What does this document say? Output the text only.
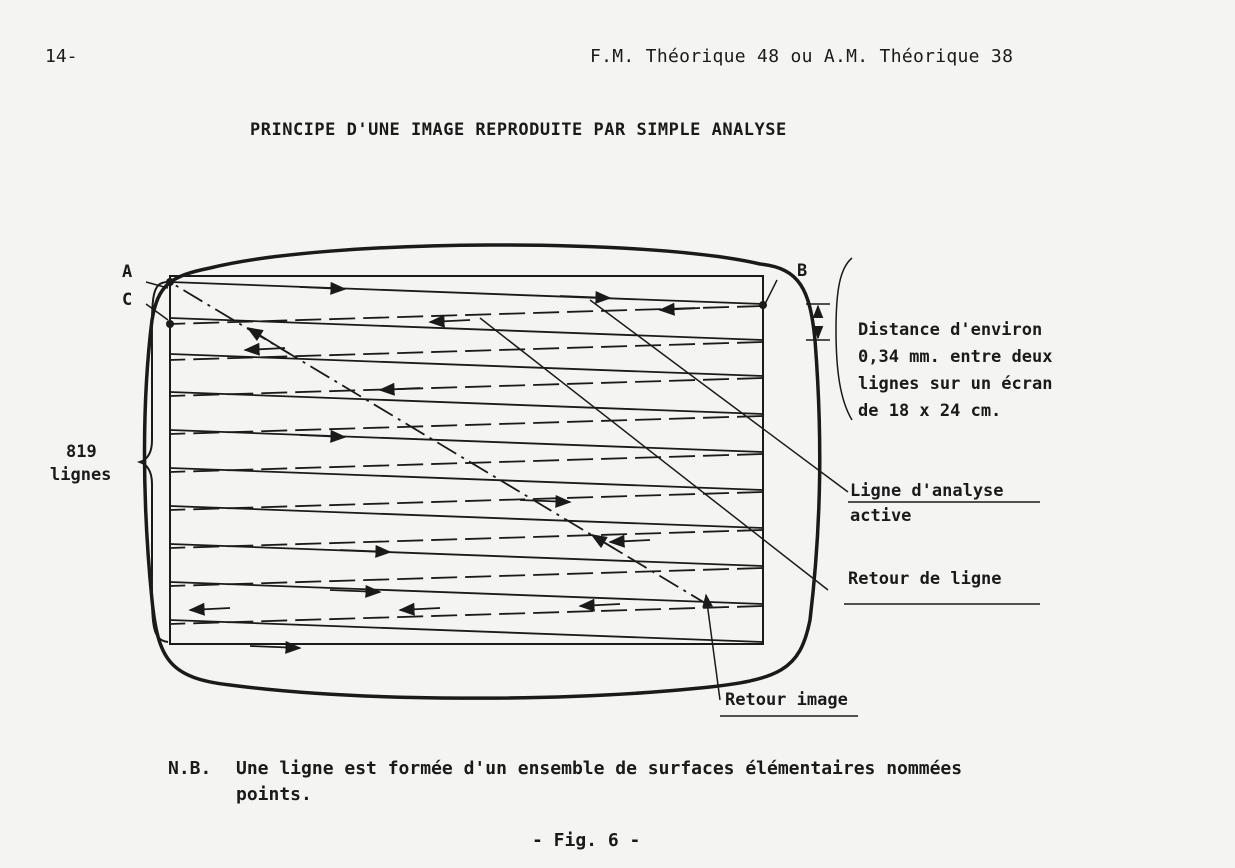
14-	F.M. Théorique 48 ou A.M. Théorique 38
PRINCIPE D'UNE IMAGE REPRODUITE PAR SIMPLE ANALYSE
A
C
B
Distance d'environ
0,34 mm. entre deux
lignes sur un écran
de 18 x 24 cm.
819
lignes
Ligne d'analyse
active
Retour de ligne
Retour image
N.B. Une ligne est formée d'un ensemble de surfaces élémentaires nommées points.
- Fig. 6 -
